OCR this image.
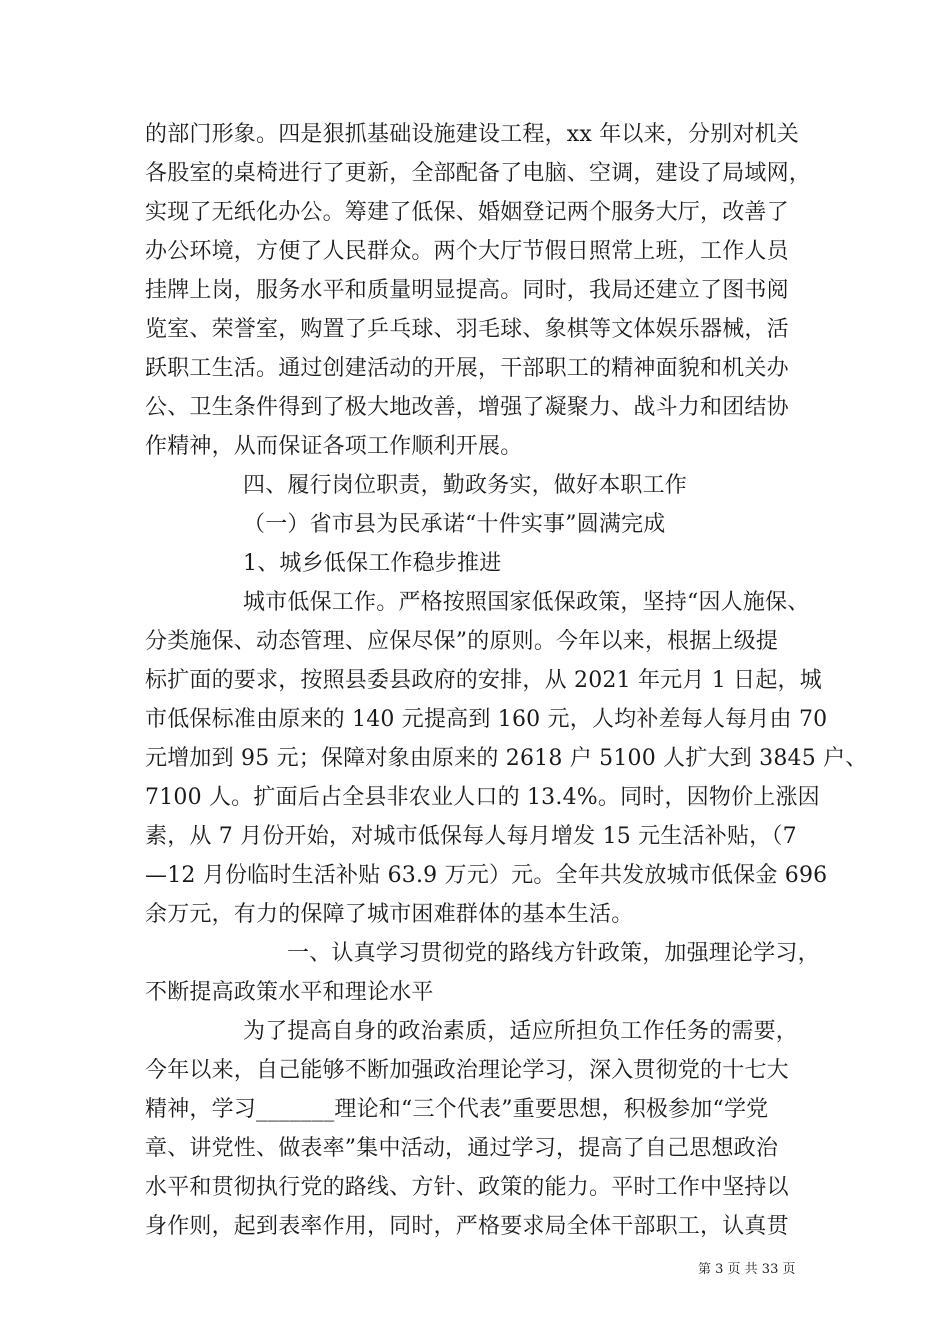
的部门形象。四是狠抓基础设施建设工程，xx 年以来，分别对机关
各股室的桌椅进行了更新，全部配备了电脑、空调，建设了局域网，
实现了无纸化办公。筹建了低保、婚姻登记两个服务大厅，改善了
办公环境，方便了人民群众。两个大厅节假日照常上班，工作人员
挂牌上岗，服务水平和质量明显提高。同时，我局还建立了图书阅
览室、荣誉室，购置了乒乓球、羽毛球、象棋等文体娱乐器械，活
跃职工生活。通过创建活动的开展，干部职工的精神面貌和机关办
公、卫生条件得到了极大地改善，增强了凝聚力、战斗力和团结协
作精神，从而保证各项工作顺利开展。
四、履行岗位职责，勤政务实，做好本职工作
（一）省市县为民承诺“十件实事”圆满完成
1、城乡低保工作稳步推进
城市低保工作。严格按照国家低保政策，坚持“因人施保、
分类施保、动态管理、应保尽保”的原则。今年以来，根据上级提
标扩面的要求，按照县委县政府的安排，从 2021 年元月 1 日起，城
市低保标准由原来的 140 元提高到 160 元，人均补差每人每月由 70
元增加到 95 元；保障对象由原来的 2618 户 5100 人扩大到 3845 户、
7100 人。扩面后占全县非农业人口的 13.4%。同时，因物价上涨因
素，从 7 月份开始，对城市低保每人每月增发 15 元生活补贴，（7
—12 月份临时生活补贴 63.9 万元）元。全年共发放城市低保金 696
余万元，有力的保障了城市困难群体的基本生活。
一、认真学习贯彻党的路线方针政策，加强理论学习，
不断提高政策水平和理论水平
为了提高自身的政治素质，适应所担负工作任务的需要，
今年以来，自己能够不断加强政治理论学习，深入贯彻党的十七大
精神，学习_______理论和“三个代表”重要思想，积极参加“学党
章、讲党性、做表率”集中活动，通过学习，提高了自己思想政治
水平和贯彻执行党的路线、方针、政策的能力。平时工作中坚持以
身作则，起到表率作用，同时，严格要求局全体干部职工，认真贯
第 3 页 共 33 页
